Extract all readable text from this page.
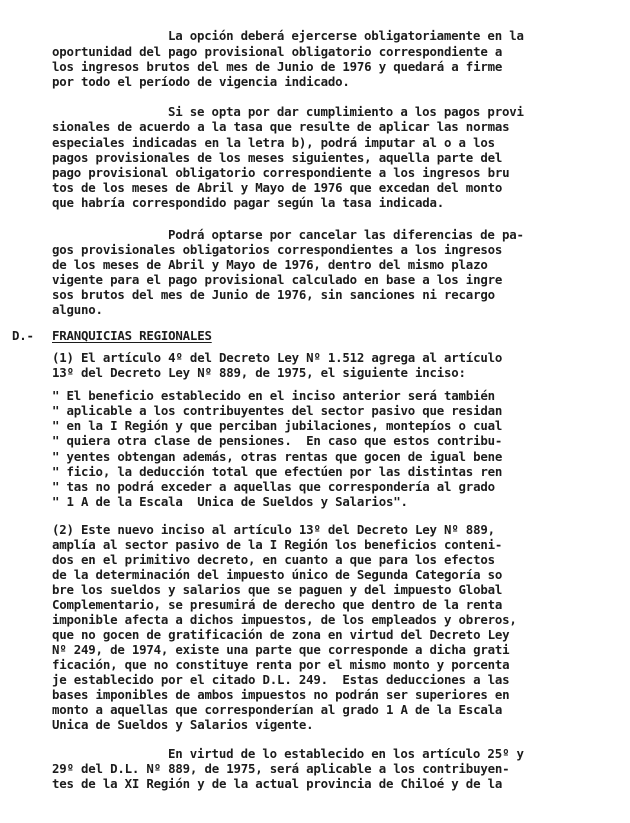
La opción deberá ejercerse obligatoriamente en la
oportunidad del pago provisional obligatorio correspondiente a
los ingresos brutos del mes de Junio de 1976 y quedará a firme
por todo el período de vigencia indicado.
Si se opta por dar cumplimiento a los pagos provi
sionales de acuerdo a la tasa que resulte de aplicar las normas
especiales indicadas en la letra b), podrá imputar al o a los
pagos provisionales de los meses siguientes, aquella parte del
pago provisional obligatorio correspondiente a los ingresos bru
tos de los meses de Abril y Mayo de 1976 que excedan del monto
que habría correspondido pagar según la tasa indicada.
Podrá optarse por cancelar las diferencias de pa-
gos provisionales obligatorios correspondientes a los ingresos
de los meses de Abril y Mayo de 1976, dentro del mismo plazo
vigente para el pago provisional calculado en base a los ingre
sos brutos del mes de Junio de 1976, sin sanciones ni recargo
alguno.
D.- FRANQUICIAS REGIONALES
(1) El artículo 4º del Decreto Ley Nº 1.512 agrega al artículo
13º del Decreto Ley Nº 889, de 1975, el siguiente inciso:
" El beneficio establecido en el inciso anterior será también
" aplicable a los contribuyentes del sector pasivo que residan
" en la I Región y que perciban jubilaciones, montepíos o cual
" quiera otra clase de pensiones.  En caso que estos contribu-
" yentes obtengan además, otras rentas que gocen de igual bene
" ficio, la deducción total que efectúen por las distintas ren
" tas no podrá exceder a aquellas que correspondería al grado
" 1 A de la Escala  Unica de Sueldos y Salarios".
(2) Este nuevo inciso al artículo 13º del Decreto Ley Nº 889,
amplía al sector pasivo de la I Región los beneficios conteni-
dos en el primitivo decreto, en cuanto a que para los efectos
de la determinación del impuesto único de Segunda Categoría so
bre los sueldos y salarios que se paguen y del impuesto Global
Complementario, se presumirá de derecho que dentro de la renta
imponible afecta a dichos impuestos, de los empleados y obreros,
que no gocen de gratificación de zona en virtud del Decreto Ley
Nº 249, de 1974, existe una parte que corresponde a dicha grati
ficación, que no constituye renta por el mismo monto y porcenta
je establecido por el citado D.L. 249.  Estas deducciones a las
bases imponibles de ambos impuestos no podrán ser superiores en
monto a aquellas que corresponderían al grado 1 A de la Escala
Unica de Sueldos y Salarios vigente.
En virtud de lo establecido en los artículo 25º y
29º del D.L. Nº 889, de 1975, será aplicable a los contribuyen-
tes de la XI Región y de la actual provincia de Chiloé y de la
